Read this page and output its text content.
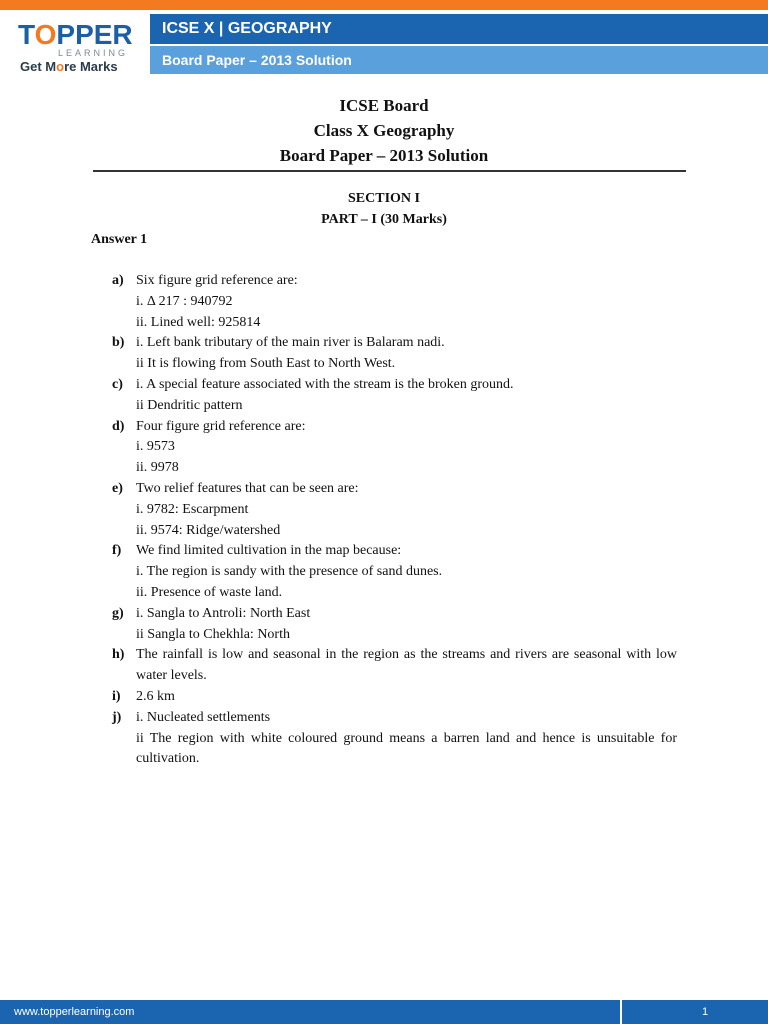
TOPPER
LEARNING
Get More Marks
ICSE X | GEOGRAPHY
Board Paper – 2013 Solution
ICSE Board
Class X Geography
Board Paper – 2013 Solution
SECTION I
PART – I (30 Marks)
Answer 1
a) Six figure grid reference are:
i. Δ 217 : 940792
ii. Lined well: 925814
b) i. Left bank tributary of the main river is Balaram nadi.
ii It is flowing from South East to North West.
c) i. A special feature associated with the stream is the broken ground.
ii Dendritic pattern
d) Four figure grid reference are:
i. 9573
ii. 9978
e) Two relief features that can be seen are:
i. 9782: Escarpment
ii. 9574: Ridge/watershed
f)	We find limited cultivation in the map because:
i. The region is sandy with the presence of sand dunes.
ii. Presence of waste land.
g) i. Sangla to Antroli: North East
ii Sangla to Chekhla: North
h) The rainfall is low and seasonal in the region as the streams and rivers are seasonal with low water levels.
i)	2.6 km
j)	i. Nucleated settlements
ii The region with white coloured ground means a barren land and hence is unsuitable for cultivation.
www.topperlearning.com	1
